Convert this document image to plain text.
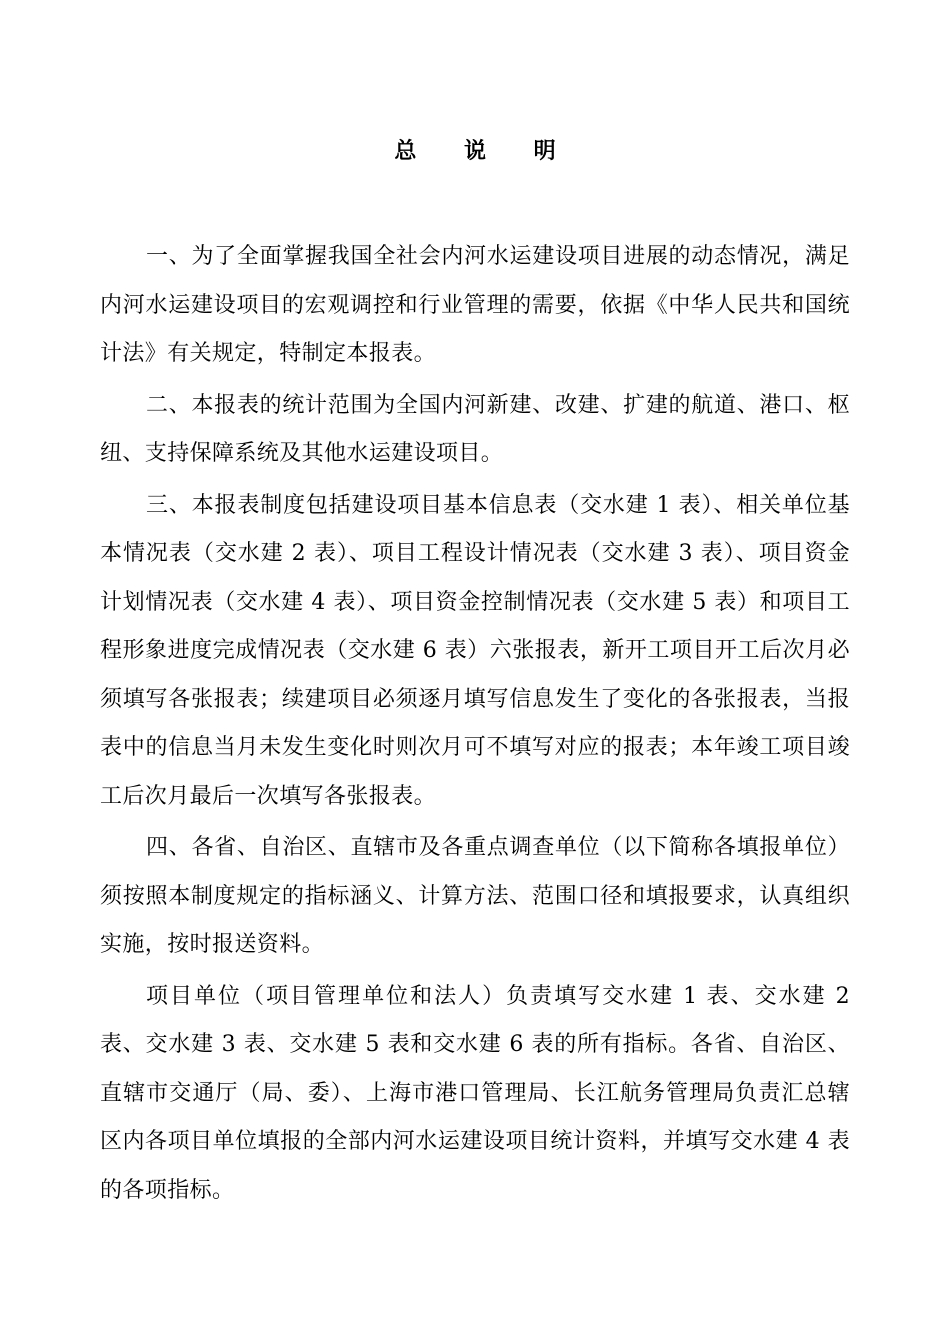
总 说 明

一、为了全面掌握我国全社会内河水运建设项目进展的动态情况，满足内河水运建设项目的宏观调控和行业管理的需要，依据《中华人民共和国统计法》有关规定，特制定本报表。

二、本报表的统计范围为全国内河新建、改建、扩建的航道、港口、枢纽、支持保障系统及其他水运建设项目。

三、本报表制度包括建设项目基本信息表（交水建 1 表）、相关单位基本情况表（交水建 2 表）、项目工程设计情况表（交水建 3 表）、项目资金计划情况表（交水建 4 表）、项目资金控制情况表（交水建 5 表）和项目工程形象进度完成情况表（交水建 6 表）六张报表，新开工项目开工后次月必须填写各张报表；续建项目必须逐月填写信息发生了变化的各张报表，当报表中的信息当月未发生变化时则次月可不填写对应的报表；本年竣工项目竣工后次月最后一次填写各张报表。

四、各省、自治区、直辖市及各重点调查单位（以下简称各填报单位）须按照本制度规定的指标涵义、计算方法、范围口径和填报要求，认真组织实施，按时报送资料。

项目单位（项目管理单位和法人）负责填写交水建 1 表、交水建 2 表、交水建 3 表、交水建 5 表和交水建 6 表的所有指标。各省、自治区、直辖市交通厅（局、委）、上海市港口管理局、长江航务管理局负责汇总辖区内各项目单位填报的全部内河水运建设项目统计资料，并填写交水建 4 表的各项指标。
